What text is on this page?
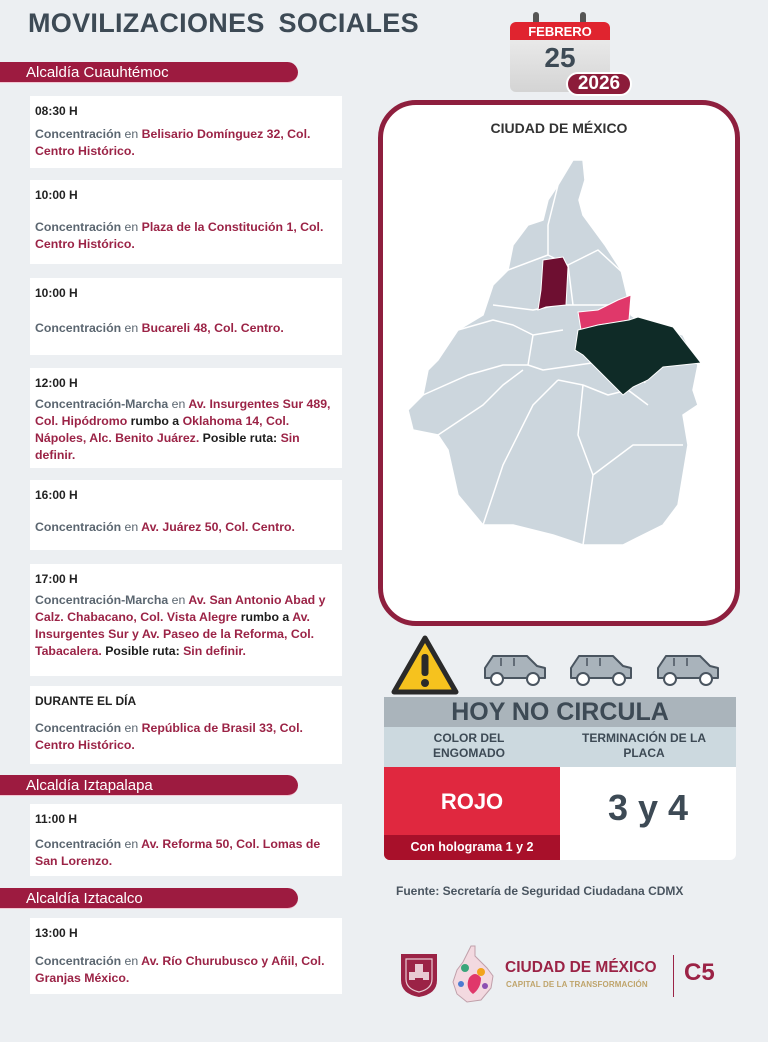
MOVILIZACIONES SOCIALES	FEBRERO
25
2026
Alcaldía Cuauhtémoc
08:30 H
Concentración en Belisario Domínguez 32, Col. Centro Histórico.
10:00 H
Concentración en Plaza de la Constitución 1, Col. Centro Histórico.
10:00 H
Concentración en Bucareli 48, Col. Centro.
12:00 H
Concentración-Marcha en Av. Insurgentes Sur 489, Col. Hipódromo rumbo a Oklahoma 14, Col. Nápoles, Alc. Benito Juárez. Posible ruta: Sin definir.
16:00 H
Concentración en Av. Juárez 50, Col. Centro.
17:00 H
Concentración-Marcha en Av. San Antonio Abad y Calz. Chabacano, Col. Vista Alegre rumbo a Av. Insurgentes Sur y Av. Paseo de la Reforma, Col. Tabacalera. Posible ruta: Sin definir.
DURANTE EL DÍA
Concentración en República de Brasil 33, Col. Centro Histórico.
Alcaldía Iztapalapa
11:00 H
Concentración en Av. Reforma 50, Col. Lomas de San Lorenzo.
Alcaldía Iztacalco
13:00 H
Concentración en Av. Río Churubusco y Añil, Col. Granjas México.
CIUDAD DE MÉXICO
HOY NO CIRCULA
COLOR DEL ENGOMADO
TERMINACIÓN DE LA PLACA
ROJO
Con holograma 1 y 2
3 y 4
Fuente: Secretaría de Seguridad Ciudadana CDMX
CIUDAD DE MÉXICO
CAPITAL DE LA TRANSFORMACIÓN C5
